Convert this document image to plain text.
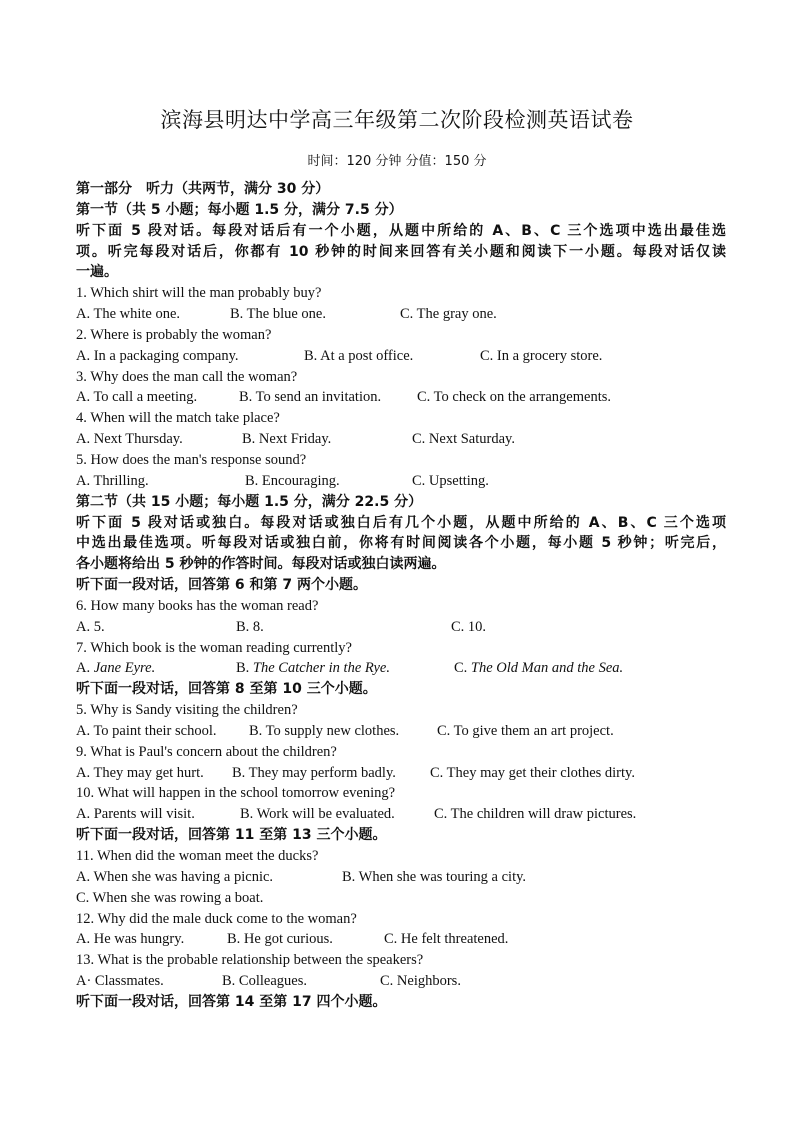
滨海县明达中学高三年级第二次阶段检测英语试卷
时间：120 分钟 分值：150 分
第一部分　听力（共两节，满分 30 分）
第一节（共 5 小题；每小题 1.5 分，满分 7.5 分）
听下面 5 段对话。每段对话后有一个小题，从题中所给的 A、B、C 三个选项中选出最佳选
项。听完每段对话后，你都有 10 秒钟的时间来回答有关小题和阅读下一小题。每段对话仅读
一遍。
1. Which shirt will the man probably buy?
A. The white one.	B. The blue one.	C. The gray one.
2. Where is probably the woman?
A. In a packaging company.	B. At a post office.	C. In a grocery store.
3. Why does the man call the woman?
A. To call a meeting.	B. To send an invitation. C. To check on the arrangements.
4. When will the match take place?
A. Next Thursday.	B. Next Friday.	C. Next Saturday.
5. How does the man's response sound?
A. Thrilling.	B. Encouraging.	C. Upsetting.
第二节（共 15 小题；每小题 1.5 分，满分 22.5 分）
听下面 5 段对话或独白。每段对话或独白后有几个小题，从题中所给的 A、B、C 三个选项
中选出最佳选项。听每段对话或独白前，你将有时间阅读各个小题，每小题 5 秒钟；听完后，
各小题将给出 5 秒钟的作答时间。每段对话或独白读两遍。
听下面一段对话，回答第 6 和第 7 两个小题。
6. How many books has the woman read?
A. 5.	B. 8.	C. 10.
7. Which book is the woman reading currently?
A. Jane Eyre.	B. The Catcher in the Rye.	C. The Old Man and the Sea.
听下面一段对话，回答第 8 至第 10 三个小题。
5. Why is Sandy visiting the children?
A. To paint their school. B. To supply new clothes.	C. To give them an art project.
9. What is Paul's concern about the children?
A. They may get hurt. B. They may perform badly. C. They may get their clothes dirty.
10. What will happen in the school tomorrow evening?
A. Parents will visit.	B. Work will be evaluated.	C. The children will draw pictures.
听下面一段对话，回答第 11 至第 13 三个小题。
11. When did the woman meet the ducks?
A. When she was having a picnic.	B. When she was touring a city.
C. When she was rowing a boat.
12. Why did the male duck come to the woman?
A. He was hungry.	B. He got curious.	C. He felt threatened.
13. What is the probable relationship between the speakers?
A· Classmates.	B. Colleagues.	C. Neighbors.
听下面一段对话，回答第 14 至第 17 四个小题。
